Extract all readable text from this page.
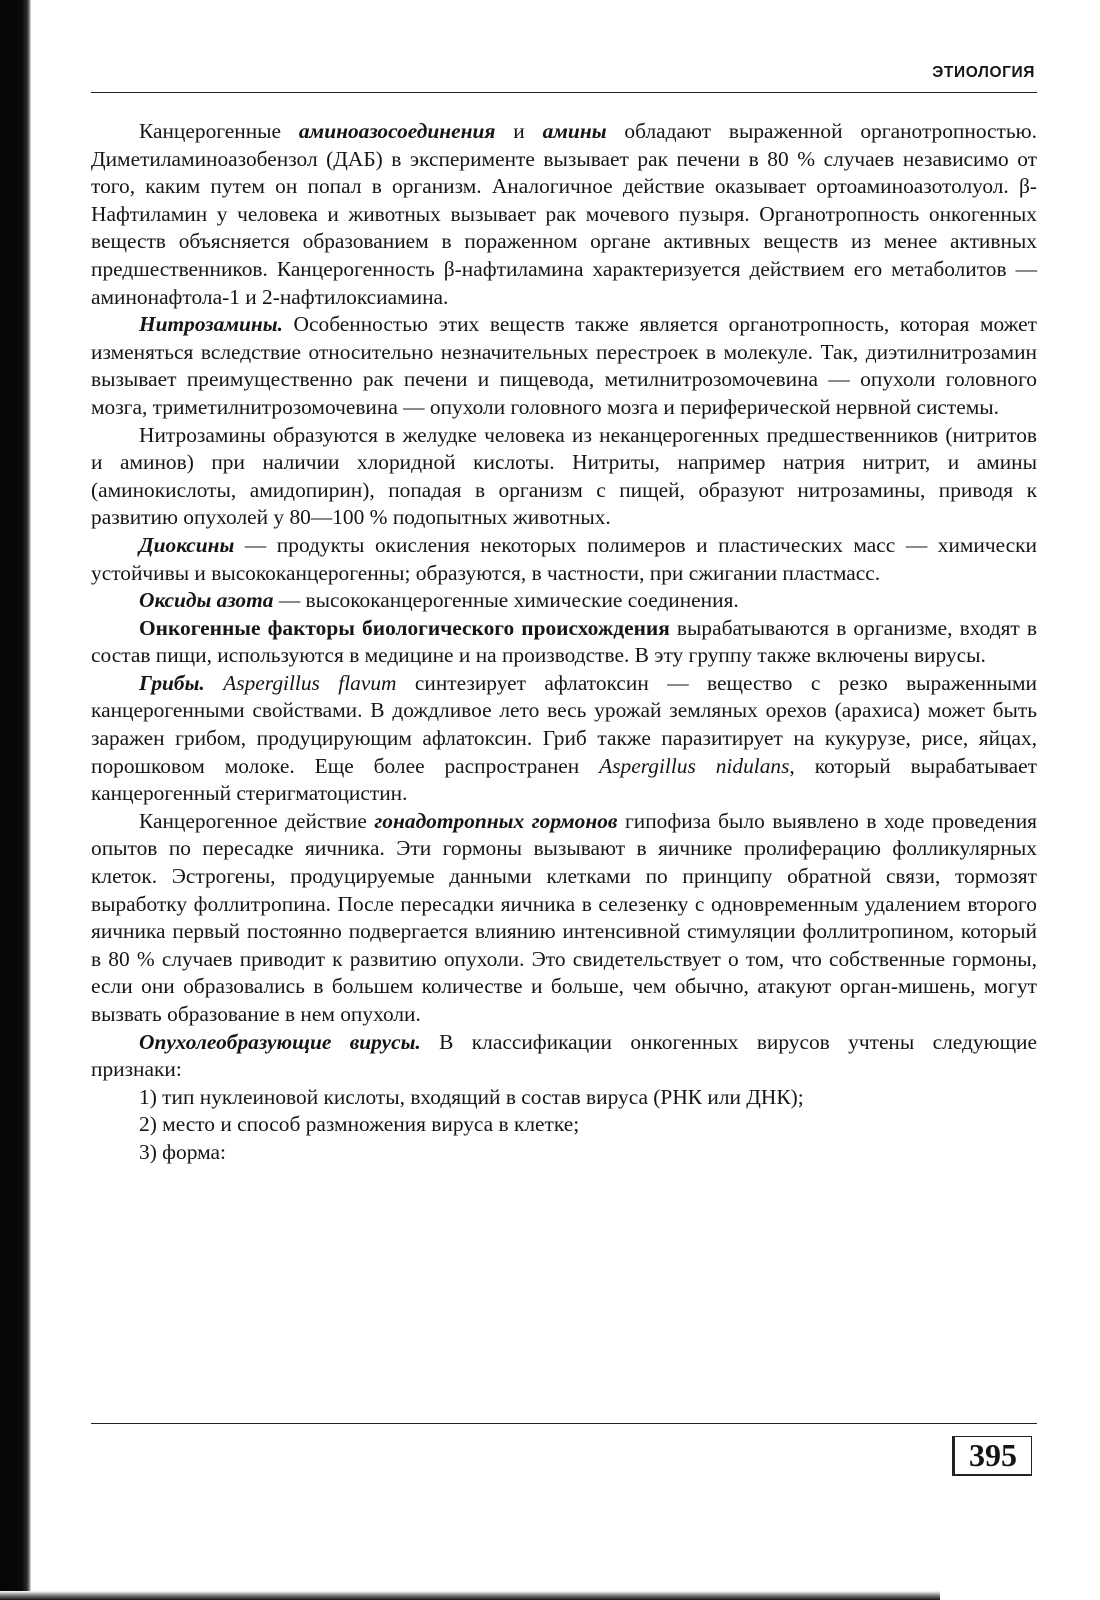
ЭТИОЛОГИЯ

Канцерогенные аминоазосоединения и амины обладают выраженной органотропностью. Диметиламиноазобензол (ДАБ) в эксперименте вызывает рак печени в 80 % случаев независимо от того, каким путем он попал в организм. Аналогичное действие оказывает ортоаминоазотолуол. β-Нафтиламин у человека и животных вызывает рак мочевого пузыря. Органотропность онкогенных веществ объясняется образованием в пораженном органе активных веществ из менее активных предшественников. Канцерогенность β-нафтиламина характеризуется действием его метаболитов — аминонафтола-1 и 2-нафтилоксиамина.

Нитрозамины. Особенностью этих веществ также является органотропность, которая может изменяться вследствие относительно незначительных перестроек в молекуле. Так, диэтилнитрозамин вызывает преимущественно рак печени и пищевода, метилнитрозомочевина — опухоли головного мозга, триметилнитрозомочевина — опухоли головного мозга и периферической нервной системы.

Нитрозамины образуются в желудке человека из неканцерогенных предшественников (нитритов и аминов) при наличии хлоридной кислоты. Нитриты, например натрия нитрит, и амины (аминокислоты, амидопирин), попадая в организм с пищей, образуют нитрозамины, приводя к развитию опухолей у 80—100 % подопытных животных.

Диоксины — продукты окисления некоторых полимеров и пластических масс — химически устойчивы и высококанцерогенны; образуются, в частности, при сжигании пластмасс.

Оксиды азота — высококанцерогенные химические соединения.

Онкогенные факторы биологического происхождения вырабатываются в организме, входят в состав пищи, используются в медицине и на производстве. В эту группу также включены вирусы.

Грибы. Aspergillus flavum синтезирует афлатоксин — вещество с резко выраженными канцерогенными свойствами. В дождливое лето весь урожай земляных орехов (арахиса) может быть заражен грибом, продуцирующим афлатоксин. Гриб также паразитирует на кукурузе, рисе, яйцах, порошковом молоке. Еще более распространен Aspergillus nidulans, который вырабатывает канцерогенный стеригматоцистин.

Канцерогенное действие гонадотропных гормонов гипофиза было выявлено в ходе проведения опытов по пересадке яичника. Эти гормоны вызывают в яичнике пролиферацию фолликулярных клеток. Эстрогены, продуцируемые данными клетками по принципу обратной связи, тормозят выработку фоллитропина. После пересадки яичника в селезенку с одновременным удалением второго яичника первый постоянно подвергается влиянию интенсивной стимуляции фоллитропином, который в 80 % случаев приводит к развитию опухоли. Это свидетельствует о том, что собственные гормоны, если они образовались в большем количестве и больше, чем обычно, атакуют орган-мишень, могут вызвать образование в нем опухоли.

Опухолеобразующие вирусы. В классификации онкогенных вирусов учтены следующие признаки:

1) тип нуклеиновой кислоты, входящий в состав вируса (РНК или ДНК);
2) место и способ размножения вируса в клетке;
3) форма:
395
